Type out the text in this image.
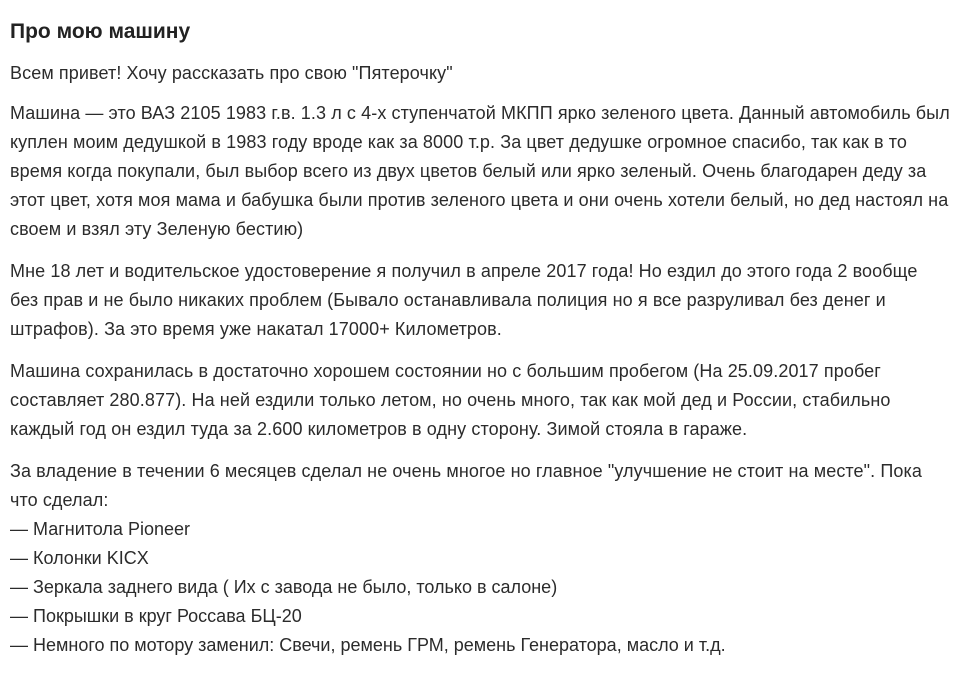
Про мою машину

Всем привет! Хочу рассказать про свою "Пятерочку"

Машина — это ВАЗ 2105 1983 г.в. 1.3 л с 4-х ступенчатой МКПП ярко зеленого цвета. Данный автомобиль был куплен моим дедушкой в 1983 году вроде как за 8000 т.р. За цвет дедушке огромное спасибо, так как в то время когда покупали, был выбор всего из двух цветов белый или ярко зеленый. Очень благодарен деду за этот цвет, хотя моя мама и бабушка были против зеленого цвета и они очень хотели белый, но дед настоял на своем и взял эту Зеленую бестию)

Мне 18 лет и водительское удостоверение я получил в апреле 2017 года! Но ездил до этого года 2 вообще без прав и не было никаких проблем (Бывало останавливала полиция но я все разруливал без денег и штрафов). За это время уже накатал 17000+ Километров.

Машина сохранилась в достаточно хорошем состоянии но с большим пробегом (На 25.09.2017 пробег составляет 280.877). На ней ездили только летом, но очень много, так как мой дед и России, стабильно каждый год он ездил туда за 2.600 километров в одну сторону. Зимой стояла в гараже.

За владение в течении 6 месяцев сделал не очень многое но главное "улучшение не стоит на месте". Пока что сделал:
— Магнитола Pioneer
— Колонки KICX
— Зеркала заднего вида ( Их с завода не было, только в салоне)
— Покрышки в круг Россава БЦ-20
— Немного по мотору заменил: Свечи, ремень ГРМ, ремень Генератора, масло и т.д.
